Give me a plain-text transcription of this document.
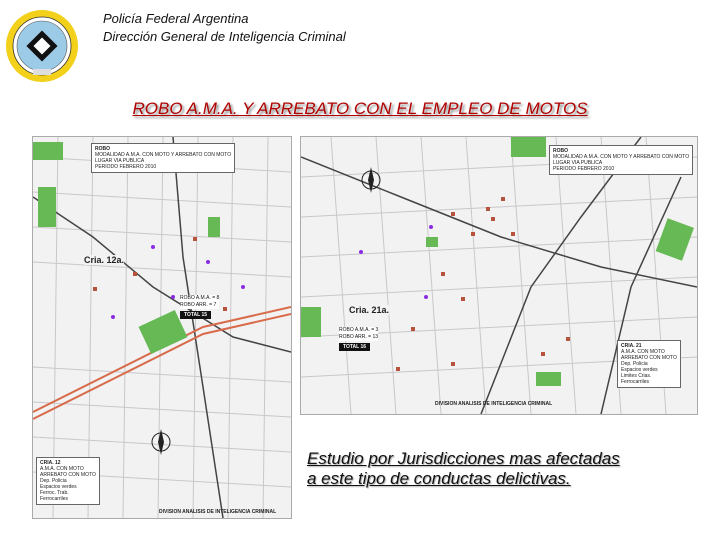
Policía Federal Argentina
Dirección General de Inteligencia Criminal
ROBO A.M.A. Y ARREBATO CON EL EMPLEO DE MOTOS
ROBO
MODALIDAD A.M.A. CON MOTO Y ARREBATO CON MOTO
LUGAR VIA PUBLICA
PERIODO FEBRERO 2010
Cria. 12a.
ROBO A.M.A. = 8
ROBO ARR. = 7
TOTAL 15
CRIA. 12
A.M.A. CON MOTO
ARREBATO CON MOTO
Dep. Policia
Espacios verdes
Ferroc. Trab.
Ferrocarriles
DIVISION ANALISIS DE INTELIGENCIA CRIMINAL
ROBO
MODALIDAD A.M.A. CON MOTO Y ARREBATO CON MOTO
LUGAR VIA PUBLICA
PERIODO FEBRERO 2010
Cria. 21a.
ROBO A.M.A. = 3
ROBO ARR. = 13
TOTAL 16	CRIA. 21
A.M.A. CON MOTO
ARREBATO CON MOTO
Dep. Policia
Espacios verdes
Limites Crias.
Ferrocarriles
DIVISION ANALISIS DE INTELIGENCIA CRIMINAL
Estudio por Jurisdicciones mas afectadas
a este tipo de conductas delictivas.
